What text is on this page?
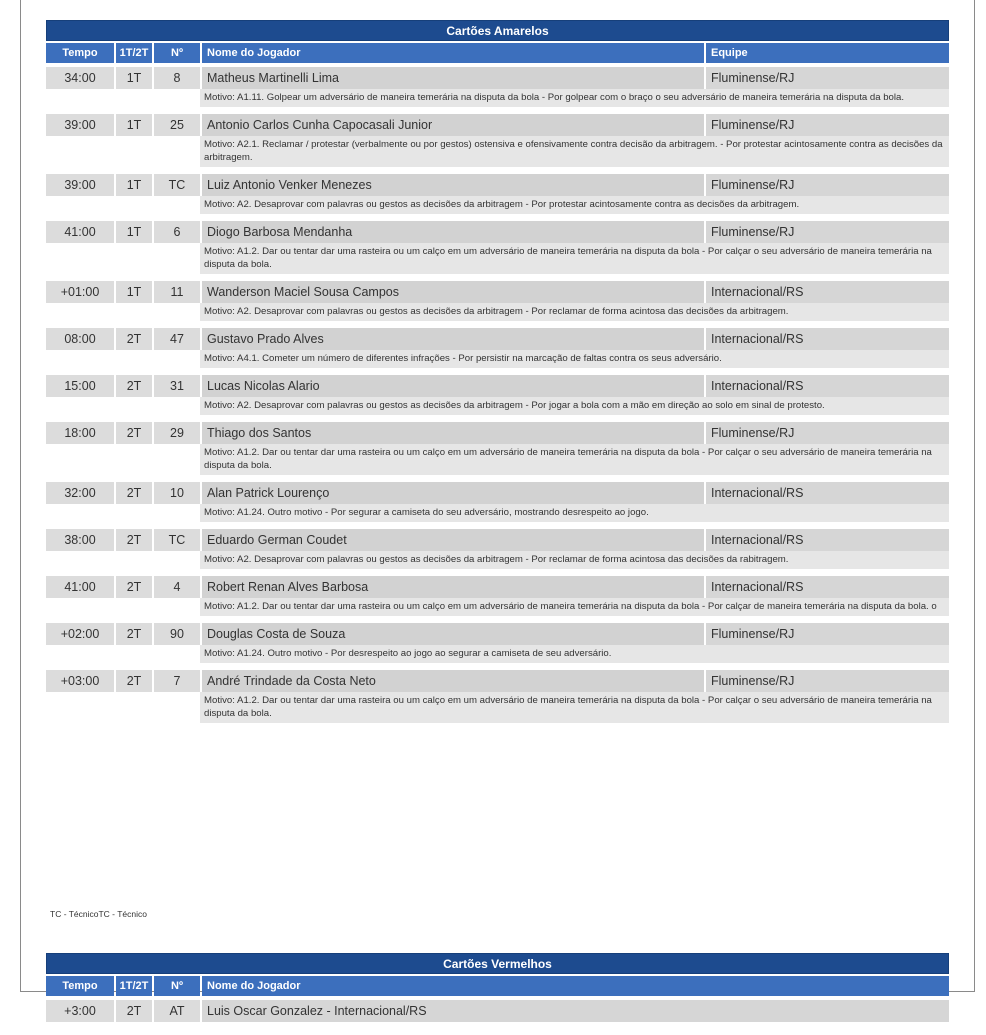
Cartões Amarelos
Tempo	1T/2T	Nº	Nome do Jogador	Equipe
34:00	1T	8	Matheus Martinelli Lima	Fluminense/RJ
Motivo: A1.11. Golpear um adversário de maneira temerária na disputa da bola - Por golpear com o braço o seu adversário de maneira temerária na disputa da bola.
39:00	1T	25	Antonio Carlos Cunha Capocasali Junior	Fluminense/RJ
Motivo: A2.1. Reclamar / protestar (verbalmente ou por gestos) ostensiva e ofensivamente contra decisão da arbitragem. - Por protestar acintosamente contra as decisões da arbitragem.
39:00	1T	TC	Luiz Antonio Venker Menezes	Fluminense/RJ
Motivo: A2. Desaprovar com palavras ou gestos as decisões da arbitragem - Por protestar acintosamente contra as decisões da arbitragem.
41:00	1T	6	Diogo Barbosa Mendanha	Fluminense/RJ
Motivo: A1.2. Dar ou tentar dar uma rasteira ou um calço em um adversário de maneira temerária na disputa da bola - Por calçar o seu adversário de maneira temerária na disputa da bola.
+01:00	1T	11	Wanderson Maciel Sousa Campos	Internacional/RS
Motivo: A2. Desaprovar com palavras ou gestos as decisões da arbitragem - Por reclamar de forma acintosa das decisões da arbitragem.
08:00	2T	47	Gustavo Prado Alves	Internacional/RS
Motivo: A4.1. Cometer um número de diferentes infrações - Por persistir na marcação de faltas contra os seus adversário.
15:00	2T	31	Lucas Nicolas Alario	Internacional/RS
Motivo: A2. Desaprovar com palavras ou gestos as decisões da arbitragem - Por jogar a bola com a mão em direção ao solo em sinal de protesto.
18:00	2T	29	Thiago dos Santos	Fluminense/RJ
Motivo: A1.2. Dar ou tentar dar uma rasteira ou um calço em um adversário de maneira temerária na disputa da bola - Por calçar o seu adversário de maneira temerária na disputa da bola.
32:00	2T	10	Alan Patrick Lourenço	Internacional/RS
Motivo: A1.24. Outro motivo - Por segurar a camiseta do seu adversário, mostrando desrespeito ao jogo.
38:00	2T	TC	Eduardo German Coudet	Internacional/RS
Motivo: A2. Desaprovar com palavras ou gestos as decisões da arbitragem - Por reclamar de forma acintosa das decisões da rabitragem.
41:00	2T	4	Robert Renan Alves Barbosa	Internacional/RS
Motivo: A1.2. Dar ou tentar dar uma rasteira ou um calço em um adversário de maneira temerária na disputa da bola - Por calçar de maneira temerária na disputa da bola. o
+02:00	2T	90	Douglas Costa de Souza	Fluminense/RJ
Motivo: A1.24. Outro motivo - Por desrespeito ao jogo ao segurar a camiseta de seu adversário.
+03:00	2T	7	André Trindade da Costa Neto	Fluminense/RJ
Motivo: A1.2. Dar ou tentar dar uma rasteira ou um calço em um adversário de maneira temerária na disputa da bola - Por calçar o seu adversário de maneira temerária na disputa da bola.
TC - TécnicoTC - Técnico
Cartões Vermelhos
Tempo	1T/2T	Nº	Nome do Jogador
+3:00	2T	AT	Luis Oscar Gonzalez - Internacional/RS
